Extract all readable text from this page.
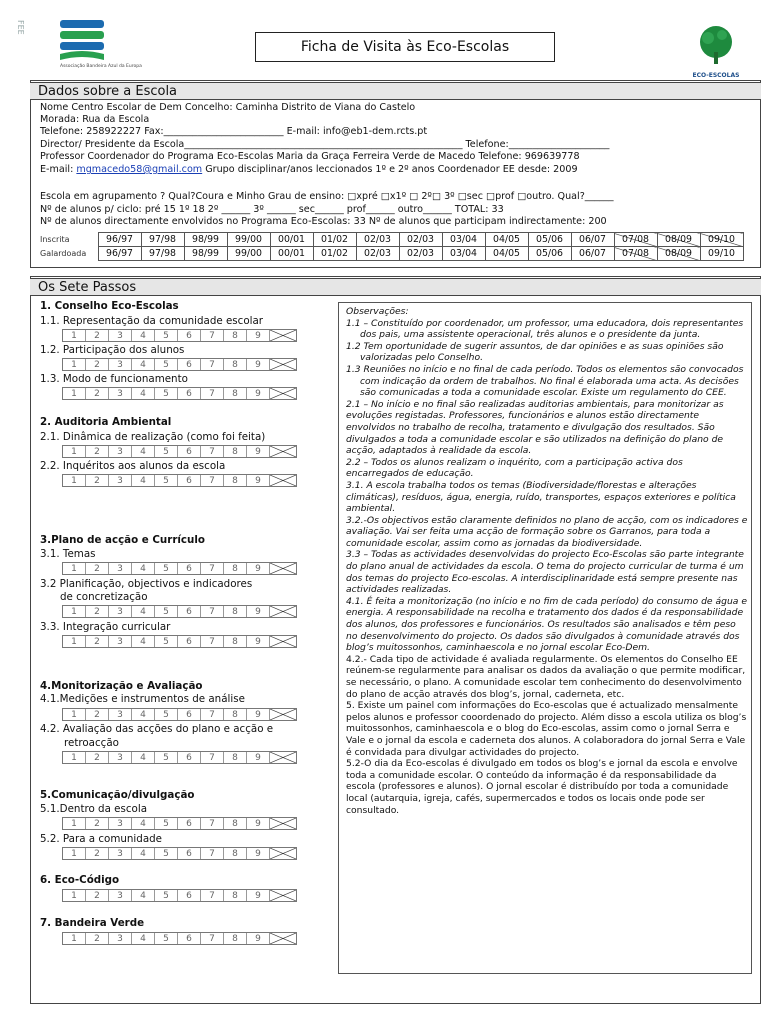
FEE
Associação Bandeira Azul da Europa
Ficha de Visita às Eco-Escolas
ECO-ESCOLAS
Dados sobre a Escola
Nome Centro Escolar de Dem Concelho: Caminha Distrito de Viana do Castelo
Morada: Rua da Escola
Telefone: 258922227 Fax:_________________________ E-mail: info@eb1-dem.rcts.pt
Director/ Presidente da Escola__________________________________________________________ Telefone:_____________________
Professor Coordenador do Programa Eco-Escolas Maria da Graça Ferreira Verde de Macedo Telefone: 969639778
E-mail: mgmacedo58@gmail.com Grupo disciplinar/anos leccionados 1º e 2º anos Coordenador EE desde: 2009
Escola em agrupamento ? Qual?Coura e Minho Grau de ensino: □xpré □x1º □ 2º□ 3º □sec □prof □outro. Qual?______
Nº de alunos p/ ciclo: pré 15 1º 18 2º ______ 3º ______ sec______ prof______ outro______ TOTAL: 33
Nº de alunos directamente envolvidos no Programa Eco-Escolas: 33 Nº de alunos que participam indirectamente: 200
Inscrita	96/97	97/98	98/99	99/00	00/01	01/02	02/03	02/03	03/04	04/05	05/06	06/07	07/08	08/09	09/10
Galardoada	96/97	97/98	98/99	99/00	00/01	01/02	02/03	02/03	03/04	04/05	05/06	06/07	07/08	08/09	09/10
Os Sete Passos
1. Conselho Eco-Escolas
1.1. Representação da comunidade escolar
1	2	3	4	5	6	7	8	9
1.2. Participação dos alunos
1	2	3	4	5	6	7	8	9
1.3. Modo de funcionamento
1	2	3	4	5	6	7	8	9
2. Auditoria Ambiental
2.1. Dinâmica de realização (como foi feita)
1	2	3	4	5	6	7	8	9
2.2. Inquéritos aos alunos da escola
1	2	3	4	5	6	7	8	9
3.Plano de acção e Currículo
3.1. Temas
1	2	3	4	5	6	7	8	9
3.2 Planificação, objectivos e indicadores
de concretização
1	2	3	4	5	6	7	8	9
3.3. Integração curricular
1	2	3	4	5	6	7	8	9
4.Monitorização e Avaliação
4.1.Medições e instrumentos de análise
1	2	3	4	5	6	7	8	9
4.2. Avaliação das acções do plano e acção e
retroacção
1	2	3	4	5	6	7	8	9
5.Comunicação/divulgação
5.1.Dentro da escola
1	2	3	4	5	6	7	8	9
5.2. Para a comunidade
1	2	3	4	5	6	7	8	9
6. Eco-Código
1	2	3	4	5	6	7	8	9
7. Bandeira Verde
1	2	3	4	5	6	7	8	9

Observações:

1.1 – Constituído por coordenador, um professor, uma educadora, dois representantes dos pais, uma assistente operacional, três alunos e o presidente da junta.

1.2 Tem oportunidade de sugerir assuntos, de dar opiniões e as suas opiniões são valorizadas pelo Conselho.

1.3 Reuniões no início e no final de cada período. Todos os elementos são convocados com indicação da ordem de trabalhos. No final é elaborada uma acta. As decisões são comunicadas a toda a comunidade escolar. Existe um regulamento do CEE.

2.1 – No início e no final são realizadas auditorias ambientais, para monitorizar as evoluções registadas. Professores, funcionários e alunos estão directamente envolvidos no trabalho de recolha, tratamento e divulgação dos resultados. São divulgados a toda a comunidade escolar e são utilizados na definição do plano de acção, adaptados à realidade da escola.

2.2 – Todos os alunos realizam o inquérito, com a participação activa dos encarregados de educação.

3.1. A escola trabalha todos os temas (Biodiversidade/florestas e alterações climáticas), resíduos, água, energia, ruído, transportes, espaços exteriores e política ambiental.

3.2.-Os objectivos estão claramente definidos no plano de acção, com os indicadores e avaliação. Vai ser feita uma acção de formação sobre os Garranos, para toda a comunidade escolar, assim como as jornadas da biodiversidade.

3.3 – Todas as actividades desenvolvidas do projecto Eco-Escolas são parte integrante do plano anual de actividades da escola. O tema do projecto curricular de turma é um dos temas do projecto Eco-escolas. A interdisciplinaridade está sempre presente nas actividades realizadas.

4.1. É feita a monitorização (no início e no fim de cada período) do consumo de água e energia. A responsabilidade na recolha e tratamento dos dados é da responsabilidade dos alunos, dos professores e funcionários. Os resultados são analisados e têm peso no desenvolvimento do projecto. Os dados são divulgados à comunidade através dos blog’s muitossonhos, caminhaescola e no jornal escolar Eco-Dem.

4.2.- Cada tipo de actividade é avaliada regularmente. Os elementos do Conselho EE reúnem-se regularmente para analisar os dados da avaliação o que permite modificar, se necessário, o plano. A comunidade escolar tem conhecimento do desenvolvimento do plano de acção através dos blog’s, jornal, caderneta, etc.

5. Existe um painel com informações do Eco-escolas que é actualizado mensalmente pelos alunos e professor cooordenado do projecto. Além disso a escola utiliza os blog’s muitossonhos, caminhaescola e o blog do Eco-escolas, assim como o jornal Serra e Vale e o jornal da escola e caderneta dos alunos. A colaboradora do jornal Serra e Vale é convidada para divulgar actividades do projecto.

5.2-O dia da Eco-escolas é divulgado em todos os blog’s e jornal da escola e envolve toda a comunidade escolar. O conteúdo da informação é da responsabilidade da escola (professores e alunos). O jornal escolar é distribuído por toda a comunidade local (autarquia, igreja, cafés, supermercados e todos os locais onde pode ser consultado.
